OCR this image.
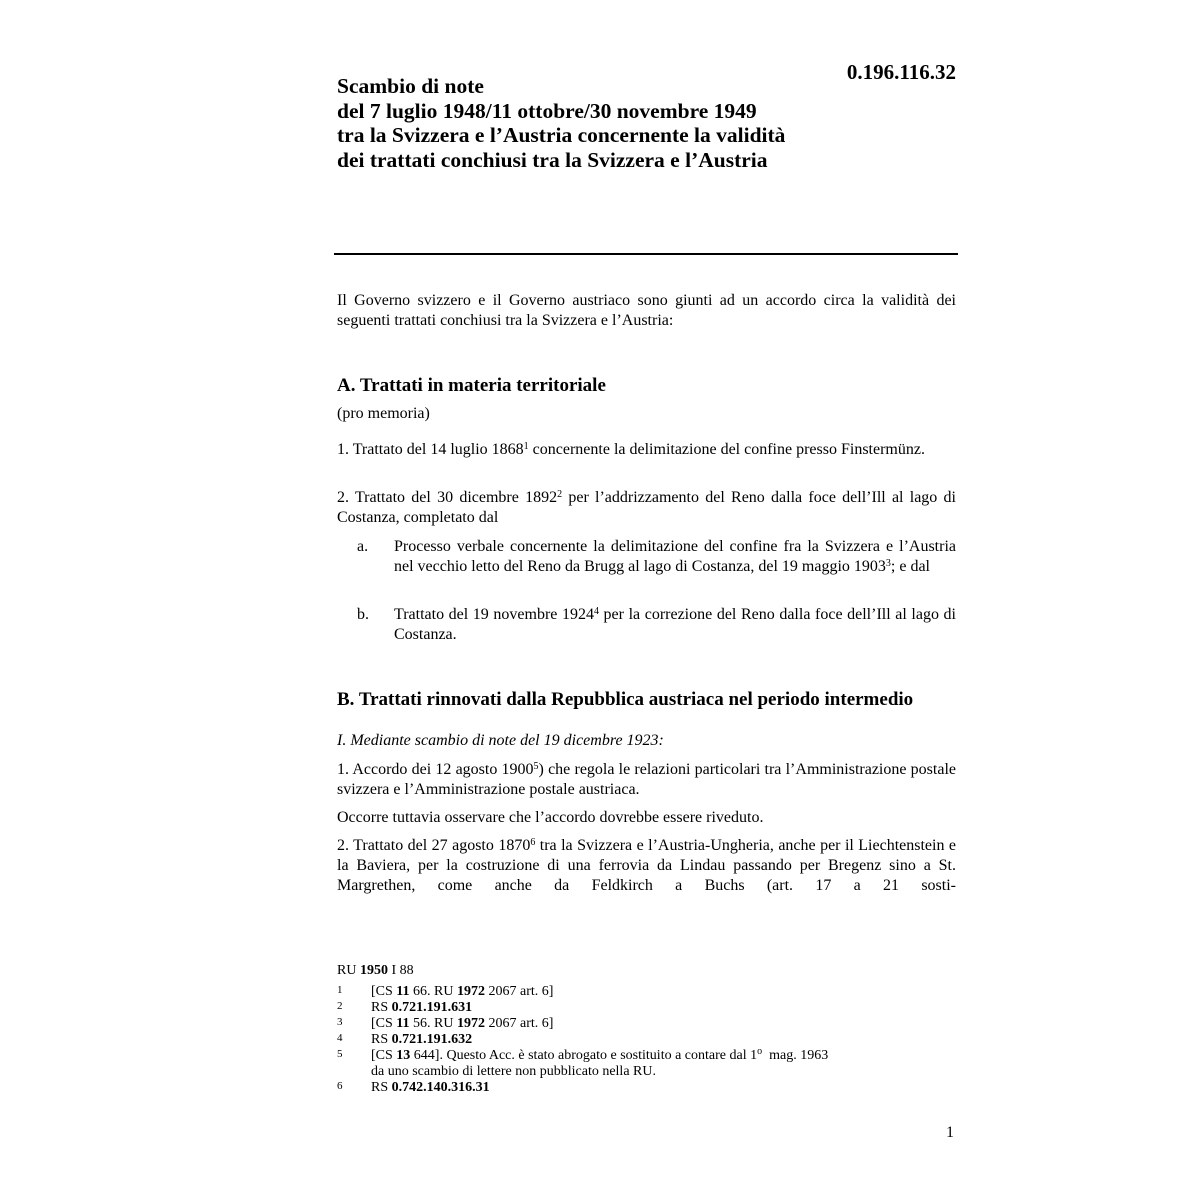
0.196.116.32
Scambio di note
del 7 luglio 1948/11 ottobre/30 novembre 1949
tra la Svizzera e l’Austria concernente la validità
dei trattati conchiusi tra la Svizzera e l’Austria

Il Governo svizzero e il Governo austriaco sono giunti ad un accordo circa la validità dei seguenti trattati conchiusi tra la Svizzera e l’Austria:

A. Trattati in materia territoriale

(pro memoria)

1. Trattato del 14 luglio 1868$^1$ concernente la delimitazione del confine presso Finstermünz.

2. Trattato del 30 dicembre 1892$^2$ per l’addrizzamento del Reno dalla foce dell’Ill al lago di Costanza, completato dal

a.	Processo verbale concernente la delimitazione del confine fra la Svizzera e l’Austria nel vecchio letto del Reno da Brugg al lago di Costanza, del 19 maggio 1903$^3$; e dal

b.	Trattato del 19 novembre 1924$^4$ per la correzione del Reno dalla foce dell’Ill al lago di Costanza.

B. Trattati rinnovati dalla Repubblica austriaca nel periodo intermedio

I. Mediante scambio di note del 19 dicembre 1923:

1. Accordo dei 12 agosto 1900$^5$) che regola le relazioni particolari tra l’Amministrazione postale svizzera e l’Amministrazione postale austriaca.

Occorre tuttavia osservare che l’accordo dovrebbe essere riveduto.

2. Trattato del 27 agosto 1870$^6$ tra la Svizzera e l’Austria-Ungheria, anche per il Liechtenstein e la Baviera, per la costruzione di una ferrovia da Lindau passando per Bregenz sino a St. Margrethen, come anche da Feldkirch a Buchs (art. 17 a 21 sosti-

RU 1950 I 88

1	[CS 11 66. RU 1972 2067 art. 6]
2	RS 0.721.191.631
3	[CS 11 56. RU 1972 2067 art. 6]
4	RS 0.721.191.632
5	[CS 13 644]. Questo Acc. è stato abrogato e sostituito a contare dal 1$^o$  mag. 1963
da uno scambio di lettere non pubblicato nella RU.
6	RS 0.742.140.316.31

1
